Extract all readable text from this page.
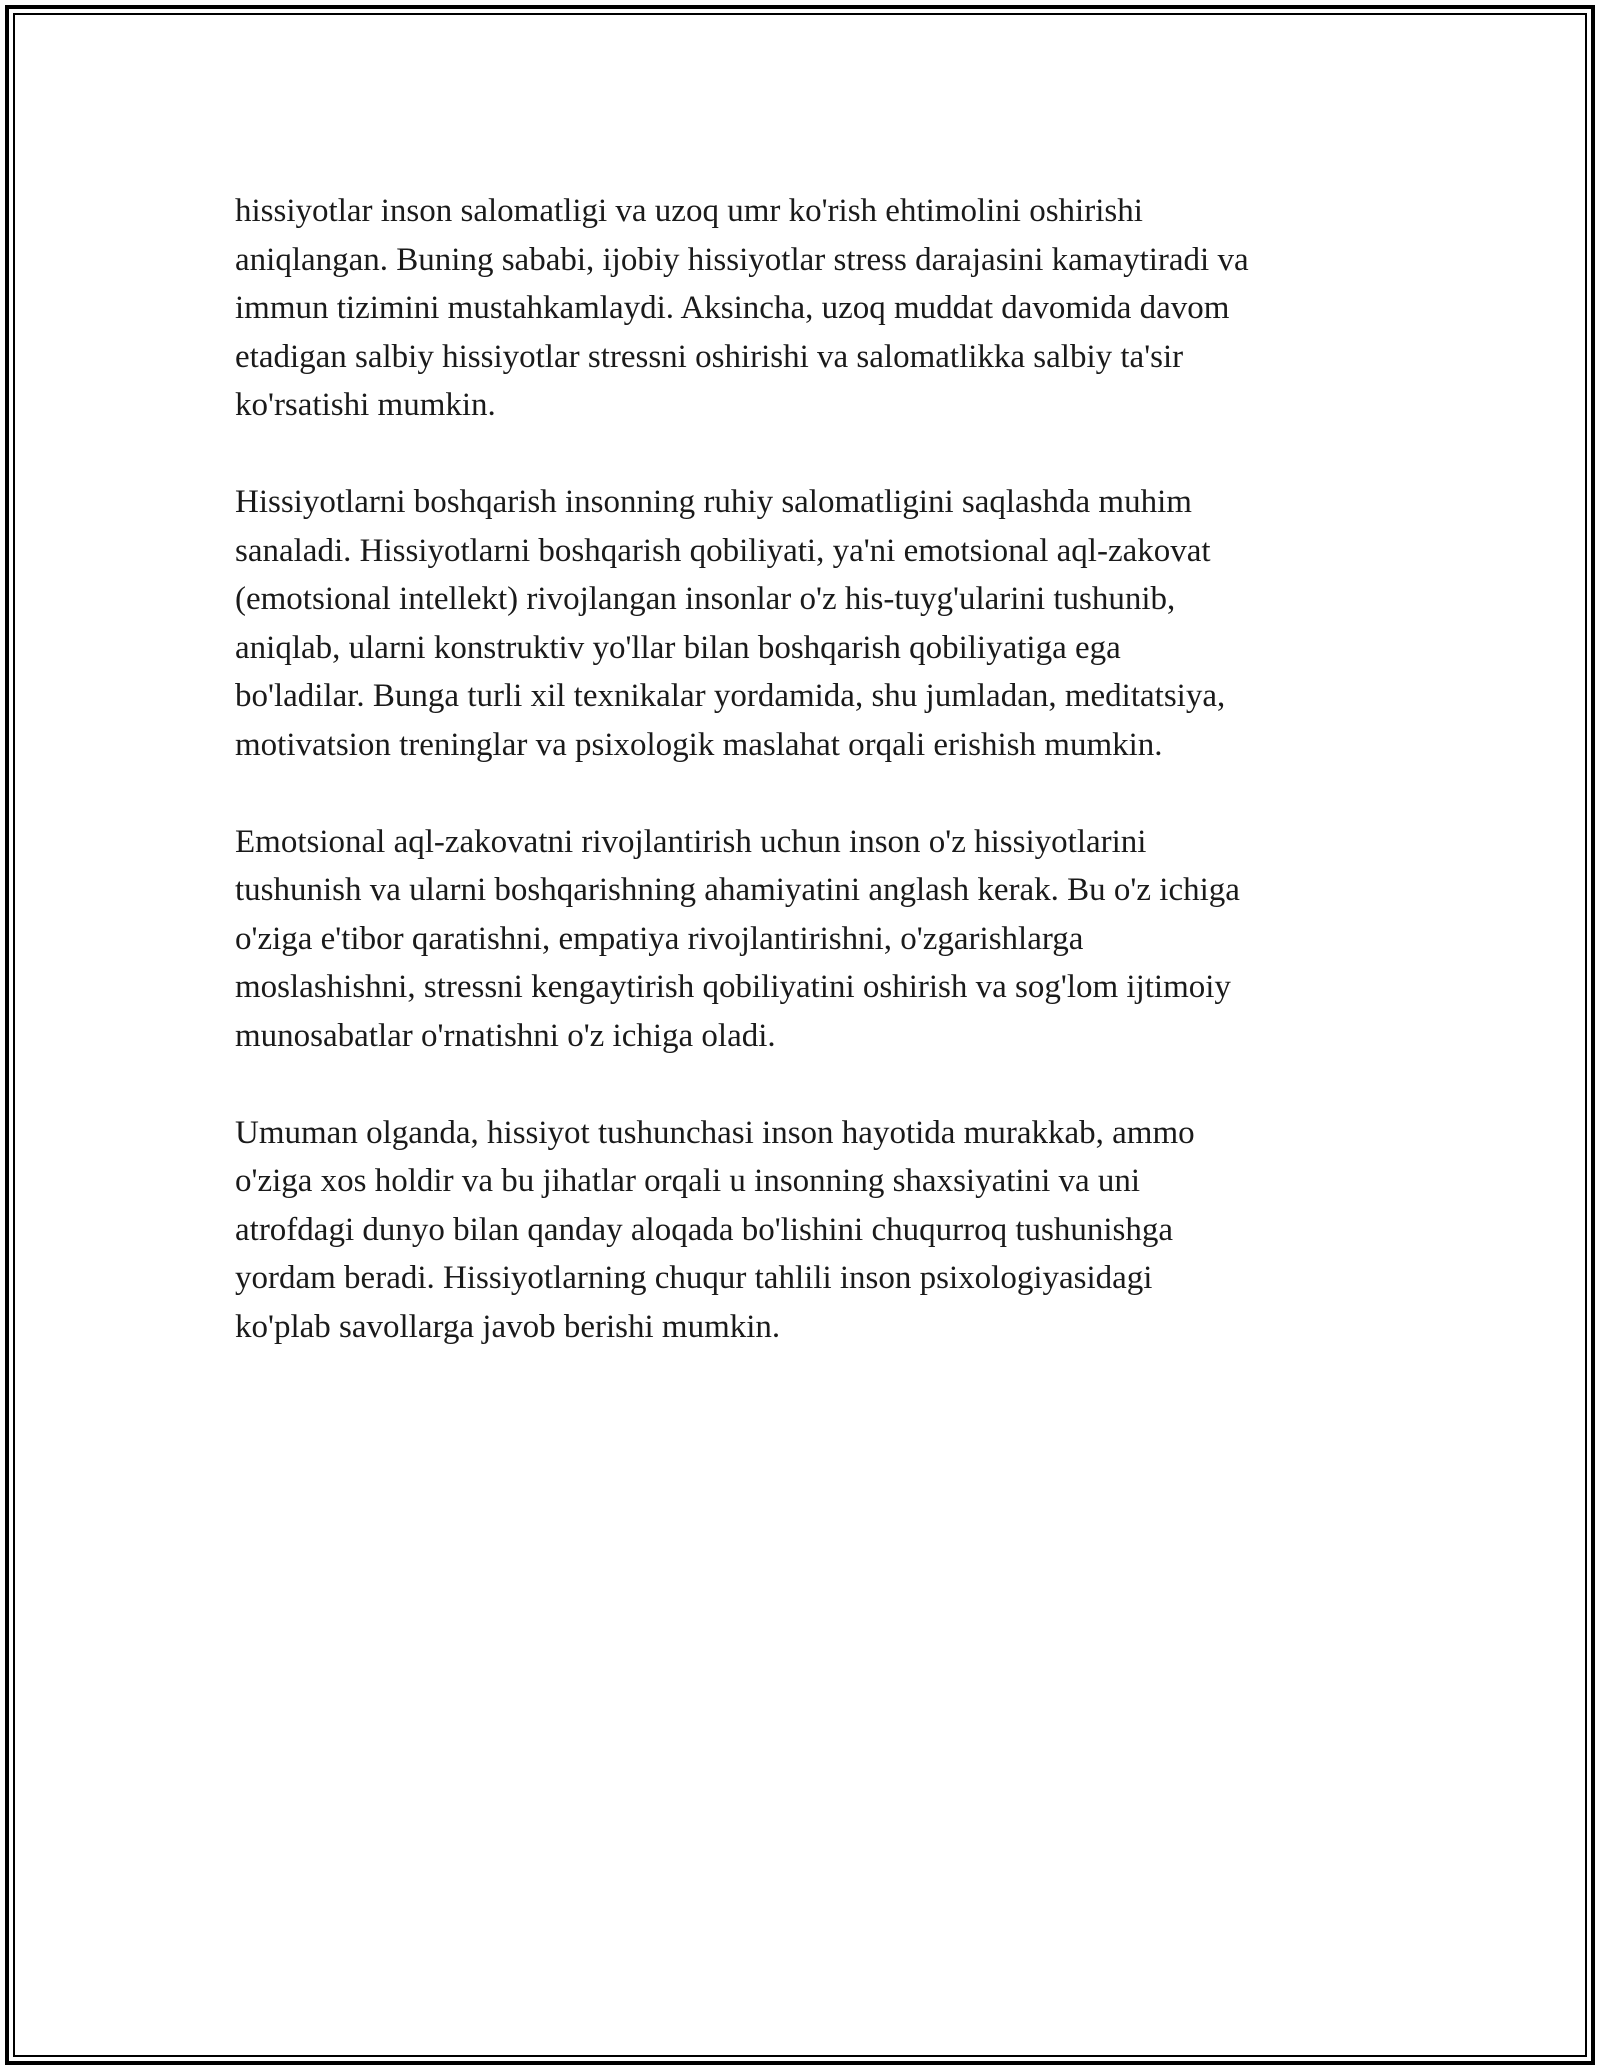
hissiyotlar inson salomatligi va uzoq umr ko'rish ehtimolini oshirishi
aniqlangan. Buning sababi, ijobiy hissiyotlar stress darajasini kamaytiradi va
immun tizimini mustahkamlaydi. Aksincha, uzoq muddat davomida davom
etadigan salbiy hissiyotlar stressni oshirishi va salomatlikka salbiy ta'sir
ko'rsatishi mumkin.

Hissiyotlarni boshqarish insonning ruhiy salomatligini saqlashda muhim
sanaladi. Hissiyotlarni boshqarish qobiliyati, ya'ni emotsional aql-zakovat
(emotsional intellekt) rivojlangan insonlar o'z his-tuyg'ularini tushunib,
aniqlab, ularni konstruktiv yo'llar bilan boshqarish qobiliyatiga ega
bo'ladilar. Bunga turli xil texnikalar yordamida, shu jumladan, meditatsiya,
motivatsion treninglar va psixologik maslahat orqali erishish mumkin.

Emotsional aql-zakovatni rivojlantirish uchun inson o'z hissiyotlarini
tushunish va ularni boshqarishning ahamiyatini anglash kerak. Bu o'z ichiga
o'ziga e'tibor qaratishni, empatiya rivojlantirishni, o'zgarishlarga
moslashishni, stressni kengaytirish qobiliyatini oshirish va sog'lom ijtimoiy
munosabatlar o'rnatishni o'z ichiga oladi.

Umuman olganda, hissiyot tushunchasi inson hayotida murakkab, ammo
o'ziga xos holdir va bu jihatlar orqali u insonning shaxsiyatini va uni
atrofdagi dunyo bilan qanday aloqada bo'lishini chuqurroq tushunishga
yordam beradi. Hissiyotlarning chuqur tahlili inson psixologiyasidagi
ko'plab savollarga javob berishi mumkin.
